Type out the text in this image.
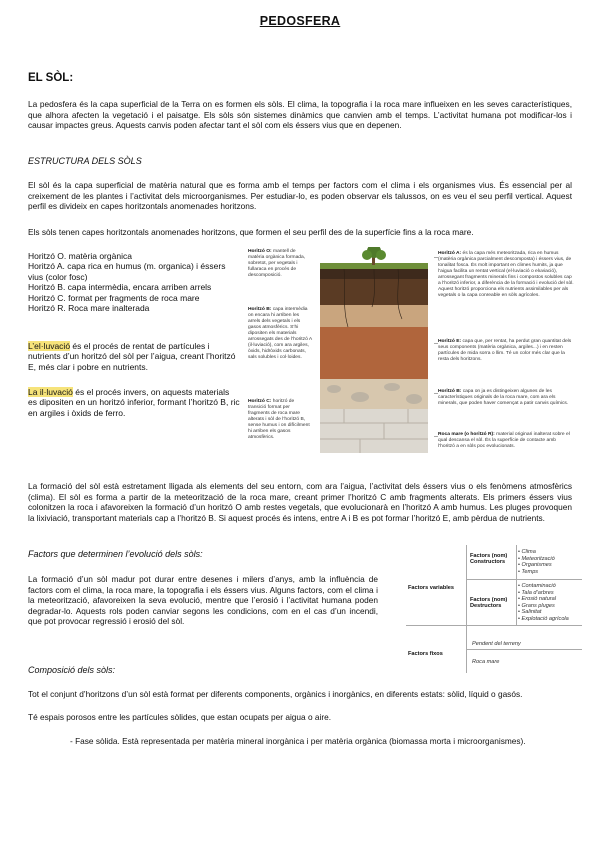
PEDOSFERA
EL SÒL:
La pedosfera és la capa superficial de la Terra on es formen els sòls. El clima, la topografia i la roca mare influeixen en les seves característiques, que alhora afecten la vegetació i el paisatge. Els sòls són sistemes dinàmics que canvien amb el temps. L’activitat humana pot modificar-los i causar impactes greus. Aquests canvis poden afectar tant el sòl com els éssers vius que en depenen.
ESTRUCTURA DELS SÒLS
El sòl és la capa superficial de matèria natural que es forma amb el temps per factors com el clima i els organismes vius. És essencial per al creixement de les plantes i l’activitat dels microorganismes. Per estudiar-lo, es poden observar els talussos, on es veu el seu perfil vertical. Aquest perfil es divideix en capes horitzontals anomenades horitzons.
Els sòls tenen capes horitzontals anomenades horitzons, que formen el seu perfil des de la superfície fins a la roca mare.
Horitzó O. matèria orgànica
Horitzó A. capa rica en humus (m. organica) i éssers vius (color fosc)
Horitzó B. capa intermèdia, encara arriben arrels
Horitzó C. format per fragments de roca mare
Horitzó R. Roca mare inalterada
L’el·luvació és el procés de rentat de partícules i nutrients d’un horitzó del sòl per l’aigua, creant l’horitzó E, més clar i pobre en nutrients.
La il·luvació és el procés invers, on aquests materials es dipositen en un horitzó inferior, formant l’horitzó B, ric en argiles i òxids de ferro.
Horitzó O: mantell de matèria orgànica formada, sobretot, per vegetals i fullaraca en procés de descomposició.
Horitzó B: capa intermèdia on encara hi arriben les arrels dels vegetals i els gasos atmosfèrics. S’hi dipositen els materials arrossegats des de l’horitzó A (il·luviació), com ara argiles, òxids, hidròxids carbonats, sals solubles i col·loides.
Horitzó C: horitzó de transició format per fragments de roca mare alterats i sòl de l’horitzó B, sense humus i on difícilment hi arriben els gasos atmosfèrics.
Horitzó A: és la capa més meteoritzada, rica en humus (matèria orgànica parcialment descomposta) i éssers vius, de tonalitat fosca. És molt important en climes humits, ja que l’aigua facilita un rentat vertical (el·luviació o eluviació), arrossegant fragments minerals fins i compostos solubles cap a l’horitzó inferior, a diferència de la formació i evolució del sòl. Aquest horitzó proporciona els nutrients assimilables per als vegetals o la capa conreable en sòls agrícoles.
Horitzó E: capa que, per rentat, ha perdut gran quantitat dels seus components (matèria orgànica, argiles...) i en resten partícules de mida sorra o llim. Té un color més clar que la resta dels horitzons.
Horitzó B: capa on ja es distingeixen algunes de les característiques originals de la roca mare, com ara els minerals, que poden haver començat a patir canvis químics.
Roca mare (o horitzó R): material originari inalterat sobre el qual descansa el sòl. És la superfície de contacte amb l’horitzó a en sòls poc evolucionats.
La formació del sòl està estretament lligada als elements del seu entorn, com ara l’aigua, l’activitat dels éssers vius o els fenòmens atmosfèrics (clima). El sòl es forma a partir de la meteorització de la roca mare, creant primer l’horitzó C amb fragments alterats. Els primers éssers vius colonitzen la roca i afavoreixen la formació d’un horitzó O amb restes vegetals, que evolucionarà en l’horitzó A amb humus. Les pluges provoquen la lixiviació, transportant materials cap a l’horitzó B. Si aquest procés és intens, entre A i B es pot formar l’horitzó E, amb pèrdua de nutrients.
Factors que determinen l’evolució dels sòls:
La formació d’un sòl madur pot durar entre desenes i milers d’anys, amb la influència de factors com el clima, la roca mare, la topografia i els éssers vius. Alguns factors, com el clima i la meteorització, afavoreixen la seva evolució, mentre que l’erosió i l’activitat humana poden degradar-lo. Aquests rols poden canviar segons les condicions, com en el cas d’un incendi, que pot provocar regressió i erosió del sòl.
Factors variables
Factors fixos
Factors (nom) Constructors
• Clima
• Meteorització
• Organismes
• Temps
Factors (nom) Destructors
• Contaminació
• Tala d’arbres
• Erosió natural
• Grans pluges
• Salinitat
• Explotació agrícola
Pendent del terreny
Roca mare
Composició dels sòls:
Tot el conjunt d’horitzons d’un sòl està format per diferents components, orgànics i inorgànics, en diferents estats: sòlid, líquid o gasós.
Té espais porosos entre les partícules sòlides, que estan ocupats per aigua o aire.
- Fase sòlida. Està representada per matèria mineral inorgànica i per matèria orgànica (biomassa morta i microorganismes).
